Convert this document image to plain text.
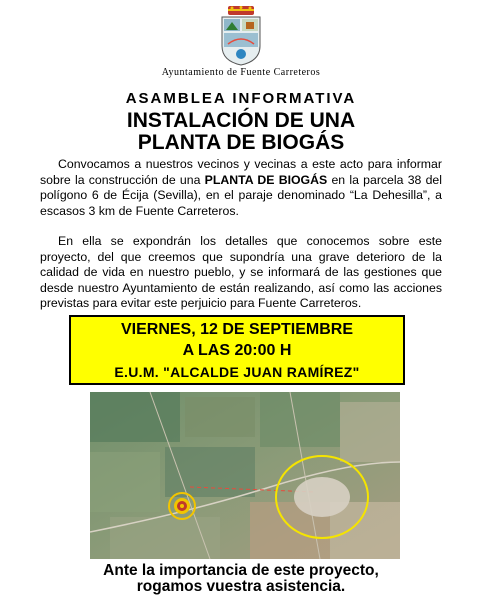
Ayuntamiento de Fuente Carreteros
ASAMBLEA INFORMATIVA
INSTALACIÓN DE UNA
PLANTA DE BIOGÁS

Convocamos a nuestros vecinos y vecinas a este acto para informar sobre la construcción de una PLANTA DE BIOGÁS en la parcela 38 del polígono 6 de Écija (Sevilla), en el paraje denominado “La Dehesilla”, a escasos 3 km de Fuente Carreteros.

En ella se expondrán los detalles que conocemos sobre este proyecto, del que creemos que supondría una grave deterioro de la calidad de vida en nuestro pueblo, y se informará de las gestiones que desde nuestro Ayuntamiento de están realizando, así como las acciones previstas para evitar este perjuicio para Fuente Carreteros.

VIERNES, 12 DE SEPTIEMBRE
A LAS 20:00 H
E.U.M. "ALCALDE JUAN RAMÍREZ"
Ante la importancia de este proyecto,
rogamos vuestra asistencia.
